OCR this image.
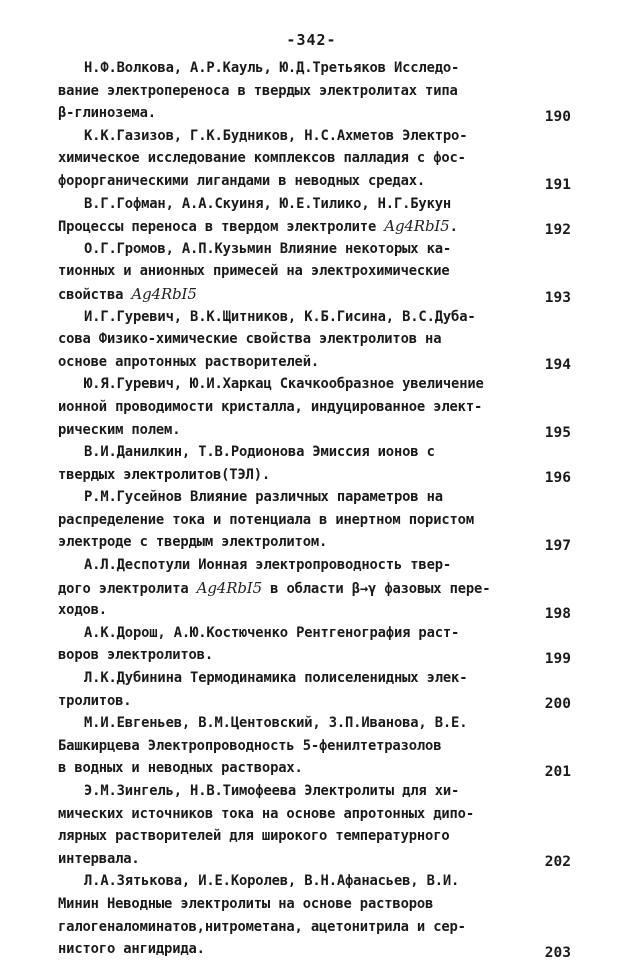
-342-
Н.Ф.Волкова, А.Р.Кауль, Ю.Д.Третьяков Исследо-
вание электропереноса в твердых электролитах типа
β-глинозема.	190
К.К.Газизов, Г.К.Будников, Н.С.Ахметов Электро-
химическое исследование комплексов палладия с фос-
форорганическими лигандами в неводных средах.	191
В.Г.Гофман, А.А.Скуиня, Ю.Е.Тилико, Н.Г.Букун
Процессы переноса в твердом электролите Ag4RbI5.	192
О.Г.Громов, А.П.Кузьмин Влияние некоторых ка-
тионных и анионных примесей на электрохимические
свойства Ag4RbI5	193
И.Г.Гуревич, В.К.Щитников, К.Б.Гисина, В.С.Дуба-
сова Физико-химические свойства электролитов на
основе апротонных растворителей.	194
Ю.Я.Гуревич, Ю.И.Харкац Скачкообразное увеличение
ионной проводимости кристалла, индуцированное элект-
рическим полем.	195
В.И.Данилкин, Т.В.Родионова Эмиссия ионов с
твердых электролитов(ТЭЛ).	196
Р.М.Гусейнов Влияние различных параметров на
распределение тока и потенциала в инертном пористом
электроде с твердым электролитом.	197
А.Л.Деспотули Ионная электропроводность твер-
дого электролита Ag4RbI5 в области β→γ фазовых пере-
ходов.	198
А.К.Дорош, А.Ю.Костюченко Рентгенография раст-
воров электролитов.	199
Л.К.Дубинина Термодинамика полиселенидных элек-
тролитов.	200
М.И.Евгеньев, В.М.Центовский, З.П.Иванова, В.Е.
Башкирцева Электропроводность 5-фенилтетразолов
в водных и неводных растворах.	201
Э.М.Зингель, Н.В.Тимофеева Электролиты для хи-
мических источников тока на основе апротонных дипо-
лярных растворителей для широкого температурного
интервала.	202
Л.А.Зятькова, И.Е.Королев, В.Н.Афанасьев, В.И.
Минин Неводные электролиты на основе растворов
галогеналоминатов,нитрометана, ацетонитрила и сер-
нистого ангидрида.	203
